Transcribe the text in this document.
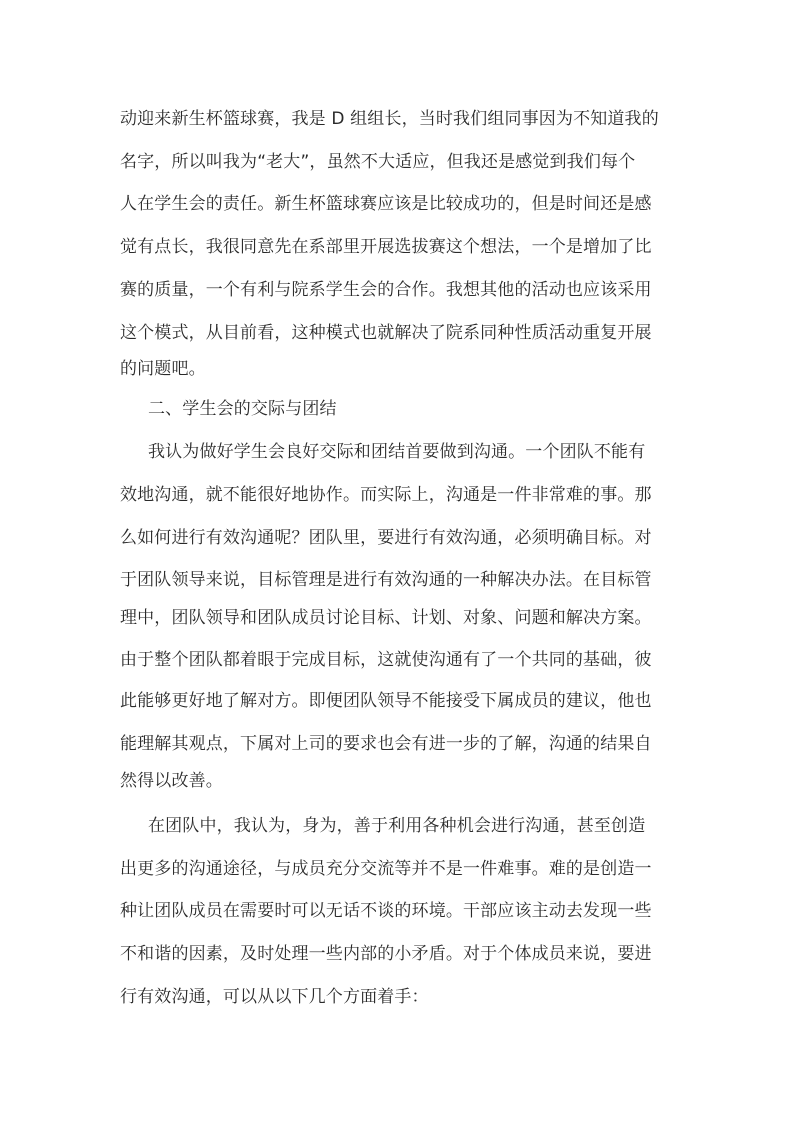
动迎来新生杯篮球赛，我是 D 组组长，当时我们组同事因为不知道我的
名字，所以叫我为“老大”，虽然不大适应，但我还是感觉到我们每个
人在学生会的责任。新生杯篮球赛应该是比较成功的，但是时间还是感
觉有点长，我很同意先在系部里开展选拔赛这个想法，一个是增加了比
赛的质量，一个有利与院系学生会的合作。我想其他的活动也应该采用
这个模式，从目前看，这种模式也就解决了院系同种性质活动重复开展
的问题吧。
二、学生会的交际与团结
我认为做好学生会良好交际和团结首要做到沟通。一个团队不能有
效地沟通，就不能很好地协作。而实际上，沟通是一件非常难的事。那
么如何进行有效沟通呢？团队里，要进行有效沟通，必须明确目标。对
于团队领导来说，目标管理是进行有效沟通的一种解决办法。在目标管
理中，团队领导和团队成员讨论目标、计划、对象、问题和解决方案。
由于整个团队都着眼于完成目标，这就使沟通有了一个共同的基础，彼
此能够更好地了解对方。即便团队领导不能接受下属成员的建议，他也
能理解其观点，下属对上司的要求也会有进一步的了解，沟通的结果自
然得以改善。
在团队中，我认为，身为，善于利用各种机会进行沟通，甚至创造
出更多的沟通途径，与成员充分交流等并不是一件难事。难的是创造一
种让团队成员在需要时可以无话不谈的环境。干部应该主动去发现一些
不和谐的因素，及时处理一些内部的小矛盾。对于个体成员来说，要进
行有效沟通，可以从以下几个方面着手：
